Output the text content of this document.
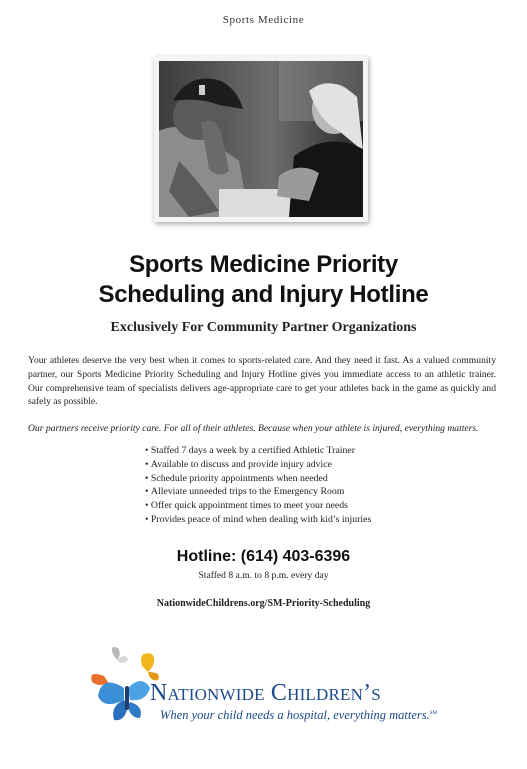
Sports Medicine
Sports Medicine Priority
Scheduling and Injury Hotline
Exclusively For Community Partner Organizations
Your athletes deserve the very best when it comes to sports-related care. And they need it fast. As a valued community partner, our Sports Medicine Priority Scheduling and Injury Hotline gives you immediate access to an athletic trainer. Our comprehensive team of specialists delivers age-appropriate care to get your athletes back in the game as quickly and safely as possible.
Our partners receive priority care. For all of their athletes. Because when your athlete is injured, everything matters.
• Staffed 7 days a week by a certified Athletic Trainer
• Available to discuss and provide injury advice
• Schedule priority appointments when needed
• Alleviate unneeded trips to the Emergency Room
• Offer quick appointment times to meet your needs
• Provides peace of mind when dealing with kid’s injuries
Hotline: (614) 403-6396
Staffed 8 a.m. to 8 p.m. every day
NationwideChildrens.org/SM-Priority-Scheduling
Nationwide Children’s
When your child needs a hospital, everything matters.℠
